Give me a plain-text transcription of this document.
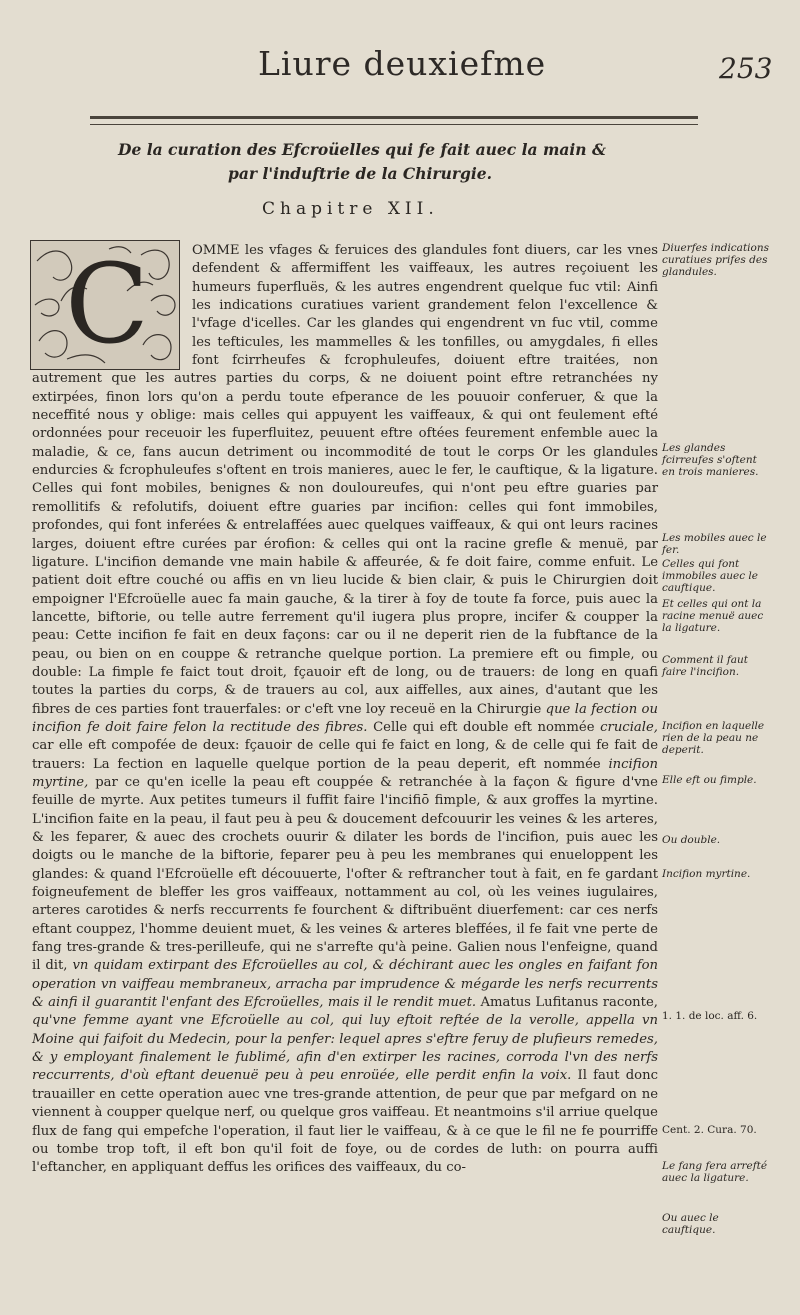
Liure deuxiefme	253
De la curation des Efcroüelles qui fe fait auec la main &
par l'induftrie de la Chirurgie.
Chapitre XII.
C	OMME les vfages & feruices des glandules font diuers, car les vnes defendent & affermiffent les vaiffeaux, les autres reçoiuent les humeurs fuperfluës, & les autres engendrent quelque fuc vtil: Ainfi les indications curatiues varient grandement felon l'excellence & l'vfage d'icelles. Car les glandes qui engendrent vn fuc vtil, comme les tefticules, les mammelles & les tonfilles, ou amygdales, fi elles font fcirrheufes & fcrophuleufes, doiuent eftre traitées, non autrement que les autres parties du corps, & ne doiuent point eftre retranchées ny extirpées, finon lors qu'on a perdu toute efperance de les pouuoir conferuer, & que la neceffité nous y oblige: mais celles qui appuyent les vaiffeaux, & qui ont feulement efté ordonnées pour receuoir les fuperfluitez, peuuent eftre oftées feurement enfemble auec la maladie, & ce, fans aucun detriment ou incommodité de tout le corps Or les glandules endurcies & fcrophuleufes s'oftent en trois manieres, auec le fer, le cauftique, & la ligature. Celles qui font mobiles, benignes & non douloureufes, qui n'ont peu eftre guaries par remollitifs & refolutifs, doiuent eftre guaries par incifion: celles qui font immobiles, profondes, qui font inferées & entrelaffées auec quelques vaiffeaux, & qui ont leurs racines larges, doiuent eftre curées par érofion: & celles qui ont la racine grefle & menuë, par ligature. L'incifion demande vne main habile & affeurée, & fe doit faire, comme enfuit. Le patient doit eftre couché ou affis en vn lieu lucide & bien clair, & puis le Chirurgien doit empoigner l'Efcroüelle auec fa main gauche, & la tirer à foy de toute fa force, puis auec la lancette, biftorie, ou telle autre ferrement qu'il iugera plus propre, incifer & coupper la peau: Cette incifion fe fait en deux façons: car ou il ne deperit rien de la fubftance de la peau, ou bien on en couppe & retranche quelque portion. La premiere eft ou fimple, ou double: La fimple fe faict tout droit, fçauoir eft de long, ou de trauers: de long en quafi toutes la parties du corps, & de trauers au col, aux aiffelles, aux aines, d'autant que les fibres de ces parties font trauerfales: or c'eft vne loy receuë en la Chirurgie que la fection ou incifion fe doit faire felon la rectitude des fibres. Celle qui eft double eft nommée cruciale, car elle eft compofée de deux: fçauoir de celle qui fe faict en long, & de celle qui fe fait de trauers: La fection en laquelle quelque portion de la peau deperit, eft nommée incifion myrtine, par ce qu'en icelle la peau eft couppée & retranchée à la façon & figure d'vne feuille de myrte. Aux petites tumeurs il fuffit faire l'incifiō fimple, & aux groffes la myrtine. L'incifion faite en la peau, il faut peu à peu & doucement defcouurir les veines & les arteres, & les feparer, & auec des crochets ouurir & dilater les bords de l'incifion, puis auec les doigts ou le manche de la biftorie, feparer peu à peu les membranes qui enueloppent les glandes: & quand l'Efcroüelle eft découuerte, l'ofter & reftrancher tout à fait, en fe gardant foigneufement de bleffer les gros vaiffeaux, nottamment au col, où les veines iugulaires, arteres carotides & nerfs reccurrents fe fourchent & diftribuënt diuerfement: car ces nerfs eftant couppez, l'homme deuient muet, & les veines & arteres bleffées, il fe fait vne perte de fang tres-grande & tres-perilleufe, qui ne s'arrefte qu'à peine. Galien nous l'enfeigne, quand il dit, vn quidam extirpant des Efcroüelles au col, & déchirant auec les ongles en faifant fon operation vn vaiffeau membraneux, arracha par imprudence & mégarde les nerfs recurrents & ainfi il guarantit l'enfant des Efcroüelles, mais il le rendit muet. Amatus Lufitanus raconte, qu'vne femme ayant vne Efcroüelle au col, qui luy eftoit reftée de la verolle, appella vn Moine qui faifoit du Medecin, pour la penfer: lequel apres s'eftre feruy de plufieurs remedes, & y employant finalement le fublimé, afin d'en extirper les racines, corroda l'vn des nerfs reccurrents, d'où eftant deuenuë peu à peu enroüée, elle perdit enfin la voix. Il faut donc trauailler en cette operation auec vne tres-grande attention, de peur que par mefgard on ne viennent à coupper quelque nerf, ou quelque gros vaiffeau. Et neantmoins s'il arriue quelque flux de fang qui empefche l'operation, il faut lier le vaiffeau, & à ce que le fil ne fe pourriffe ou tombe trop toft, il eft bon qu'il foit de foye, ou de cordes de luth: on pourra auffi l'eftancher, en appliquant deffus les orifices des vaiffeaux, du co-
Diuerfes indications curatiues prifes des glandules.
Les glandes fcirreufes s'oftent en trois manieres.
Les mobiles auec le fer.
Celles qui font immobiles auec le cauftique.
Et celles qui ont la racine menuë auec la ligature.
Comment il faut faire l'incifion.
Incifion en laquelle rien de la peau ne deperit.
Elle eft ou fimple.
Ou double.
Incifion myrtine.
1. 1. de loc. aff. 6.
Cent. 2. Cura. 70.
Le fang fera arrefté auec la ligature.
Ou auec le cauftique.
